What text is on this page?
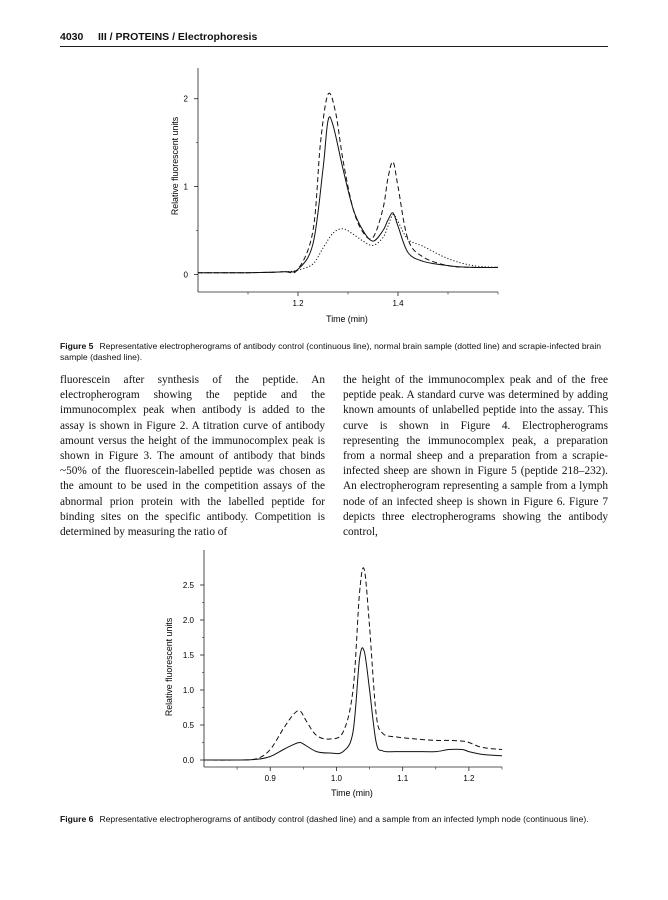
4030 III / PROTEINS / Electrophoresis
0
1
2
1.2	1.4
Time (min)
Relative fluorescent units
Figure 5 Representative electropherograms of antibody control (continuous line), normal brain sample (dotted line) and scrapie-infected brain sample (dashed line).

fluorescein after synthesis of the peptide. An electropherogram showing the peptide and the immunocomplex peak when antibody is added to the assay is shown in Figure 2. A titration curve of antibody amount versus the height of the immunocomplex peak is shown in Figure 3. The amount of antibody that binds ~50% of the fluorescein-labelled peptide was chosen as the amount to be used in the competition assays of the abnormal prion protein with the labelled peptide for binding sites on the specific antibody. Competition is determined by measuring the ratio of

the height of the immunocomplex peak and of the free peptide peak. A standard curve was determined by adding known amounts of unlabelled peptide into the assay. This curve is shown in Figure 4. Electropherograms representing the immunocomplex peak, a preparation from a normal sheep and a preparation from a scrapie-infected sheep are shown in Figure 5 (peptide 218–232). An electropherogram representing a sample from a lymph node of an infected sheep is shown in Figure 6. Figure 7 depicts three electropherograms showing the antibody control,

0.0
0.5
1.0
1.5
2.0
2.5
0.9	1.0	1.1	1.2
Time (min)
Relative fluorescent units
Figure 6 Representative electropherograms of antibody control (dashed line) and a sample from an infected lymph node (continuous line).
